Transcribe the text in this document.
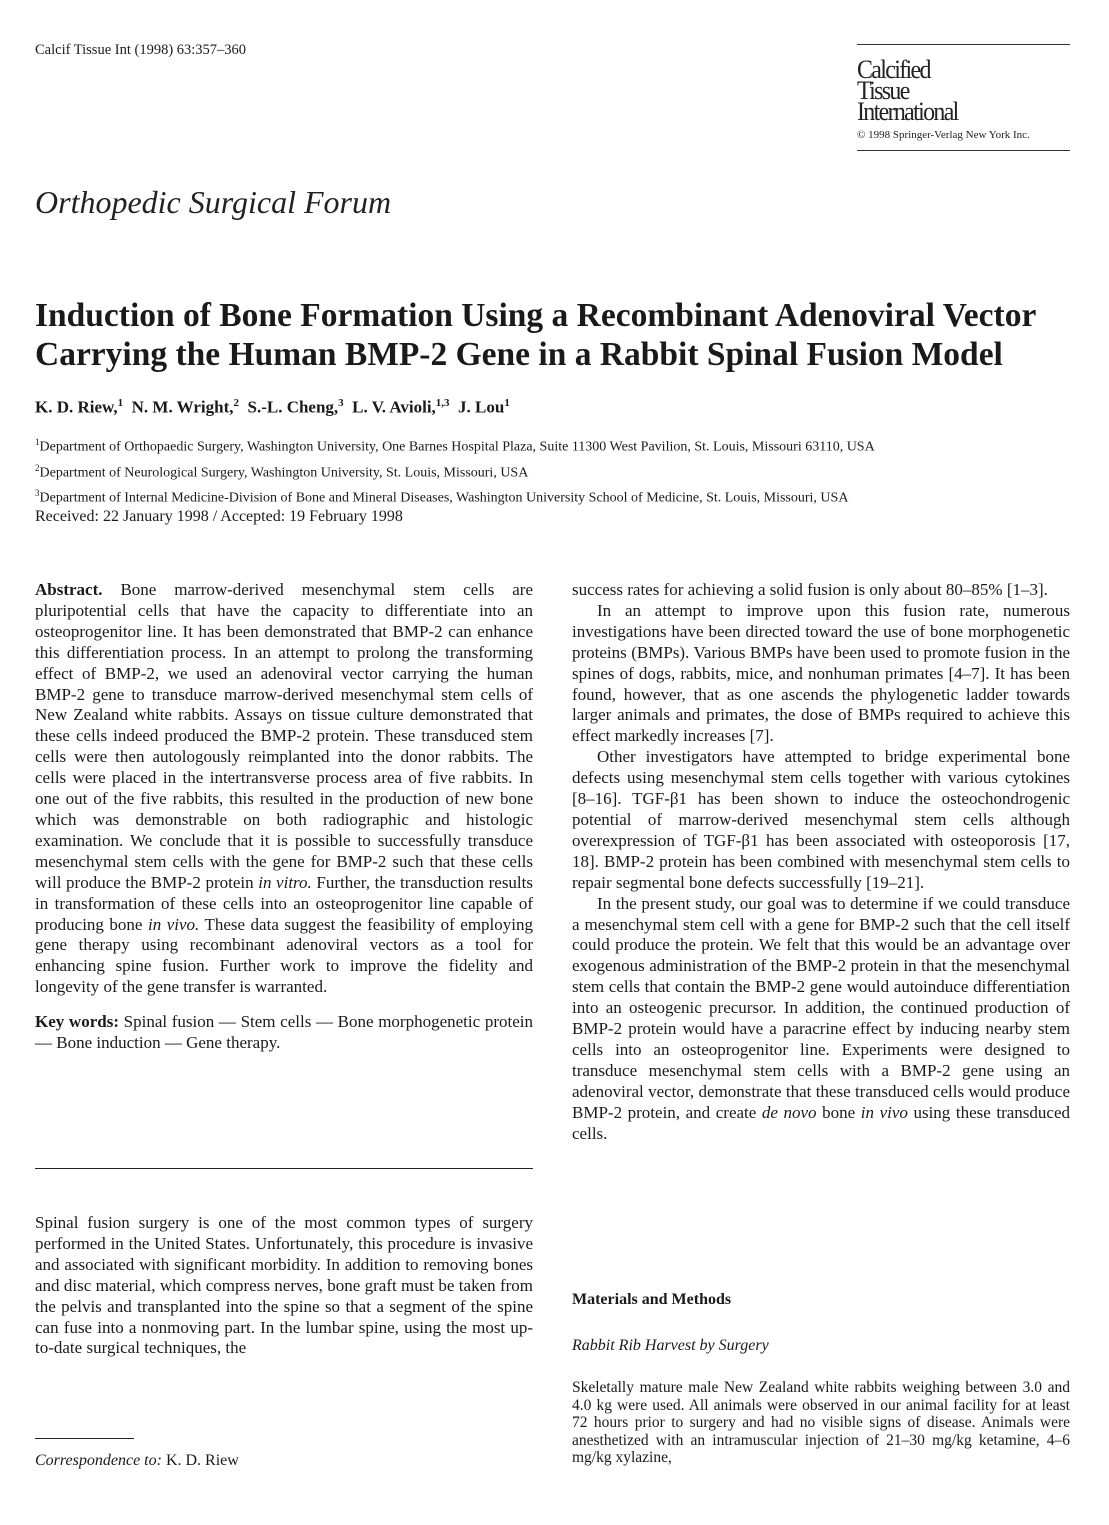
Calcif Tissue Int (1998) 63:357–360
Calcified
Tissue
International
© 1998 Springer-Verlag New York Inc.
Orthopedic Surgical Forum
Induction of Bone Formation Using a Recombinant Adenoviral Vector Carrying the Human BMP-2 Gene in a Rabbit Spinal Fusion Model
K. D. Riew,$^1$ N. M. Wright,$^2$ S.-L. Cheng,$^3$ L. V. Avioli,$^{1,3}$ J. Lou$^1$

$^1$Department of Orthopaedic Surgery, Washington University, One Barnes Hospital Plaza, Suite 11300 West Pavilion, St. Louis, Missouri 63110, USA

$^2$Department of Neurological Surgery, Washington University, St. Louis, Missouri, USA

$^3$Department of Internal Medicine-Division of Bone and Mineral Diseases, Washington University School of Medicine, St. Louis, Missouri, USA

Received: 22 January 1998 / Accepted: 19 February 1998

Abstract. Bone marrow-derived mesenchymal stem cells are pluripotential cells that have the capacity to differentiate into an osteoprogenitor line. It has been demonstrated that BMP-2 can enhance this differentiation process. In an attempt to prolong the transforming effect of BMP-2, we used an adenoviral vector carrying the human BMP-2 gene to transduce marrow-derived mesenchymal stem cells of New Zealand white rabbits. Assays on tissue culture demonstrated that these cells indeed produced the BMP-2 protein. These transduced stem cells were then autologously reimplanted into the donor rabbits. The cells were placed in the intertransverse process area of five rabbits. In one out of the five rabbits, this resulted in the production of new bone which was demonstrable on both radiographic and histologic examination. We conclude that it is possible to successfully transduce mesenchymal stem cells with the gene for BMP-2 such that these cells will produce the BMP-2 protein in vitro. Further, the transduction results in transformation of these cells into an osteoprogenitor line capable of producing bone in vivo. These data suggest the feasibility of employing gene therapy using recombinant adenoviral vectors as a tool for enhancing spine fusion. Further work to improve the fidelity and longevity of the gene transfer is warranted.

Key words: Spinal fusion — Stem cells — Bone morphogenetic protein — Bone induction — Gene therapy.

Spinal fusion surgery is one of the most common types of surgery performed in the United States. Unfortunately, this procedure is invasive and associated with significant morbidity. In addition to removing bones and disc material, which compress nerves, bone graft must be taken from the pelvis and transplanted into the spine so that a segment of the spine can fuse into a nonmoving part. In the lumbar spine, using the most up-to-date surgical techniques, the

success rates for achieving a solid fusion is only about 80–85% [1–3].

In an attempt to improve upon this fusion rate, numerous investigations have been directed toward the use of bone morphogenetic proteins (BMPs). Various BMPs have been used to promote fusion in the spines of dogs, rabbits, mice, and nonhuman primates [4–7]. It has been found, however, that as one ascends the phylogenetic ladder towards larger animals and primates, the dose of BMPs required to achieve this effect markedly increases [7].

Other investigators have attempted to bridge experimental bone defects using mesenchymal stem cells together with various cytokines [8–16]. TGF-β1 has been shown to induce the osteochondrogenic potential of marrow-derived mesenchymal stem cells although overexpression of TGF-β1 has been associated with osteoporosis [17, 18]. BMP-2 protein has been combined with mesenchymal stem cells to repair segmental bone defects successfully [19–21].

In the present study, our goal was to determine if we could transduce a mesenchymal stem cell with a gene for BMP-2 such that the cell itself could produce the protein. We felt that this would be an advantage over exogenous administration of the BMP-2 protein in that the mesenchymal stem cells that contain the BMP-2 gene would autoinduce differentiation into an osteogenic precursor. In addition, the continued production of BMP-2 protein would have a paracrine effect by inducing nearby stem cells into an osteoprogenitor line. Experiments were designed to transduce mesenchymal stem cells with a BMP-2 gene using an adenoviral vector, demonstrate that these transduced cells would produce BMP-2 protein, and create de novo bone in vivo using these transduced cells.

Materials and Methods
Rabbit Rib Harvest by Surgery

Skeletally mature male New Zealand white rabbits weighing between 3.0 and 4.0 kg were used. All animals were observed in our animal facility for at least 72 hours prior to surgery and had no visible signs of disease. Animals were anesthetized with an intramuscular injection of 21–30 mg/kg ketamine, 4–6 mg/kg xylazine,

Correspondence to: K. D. Riew
